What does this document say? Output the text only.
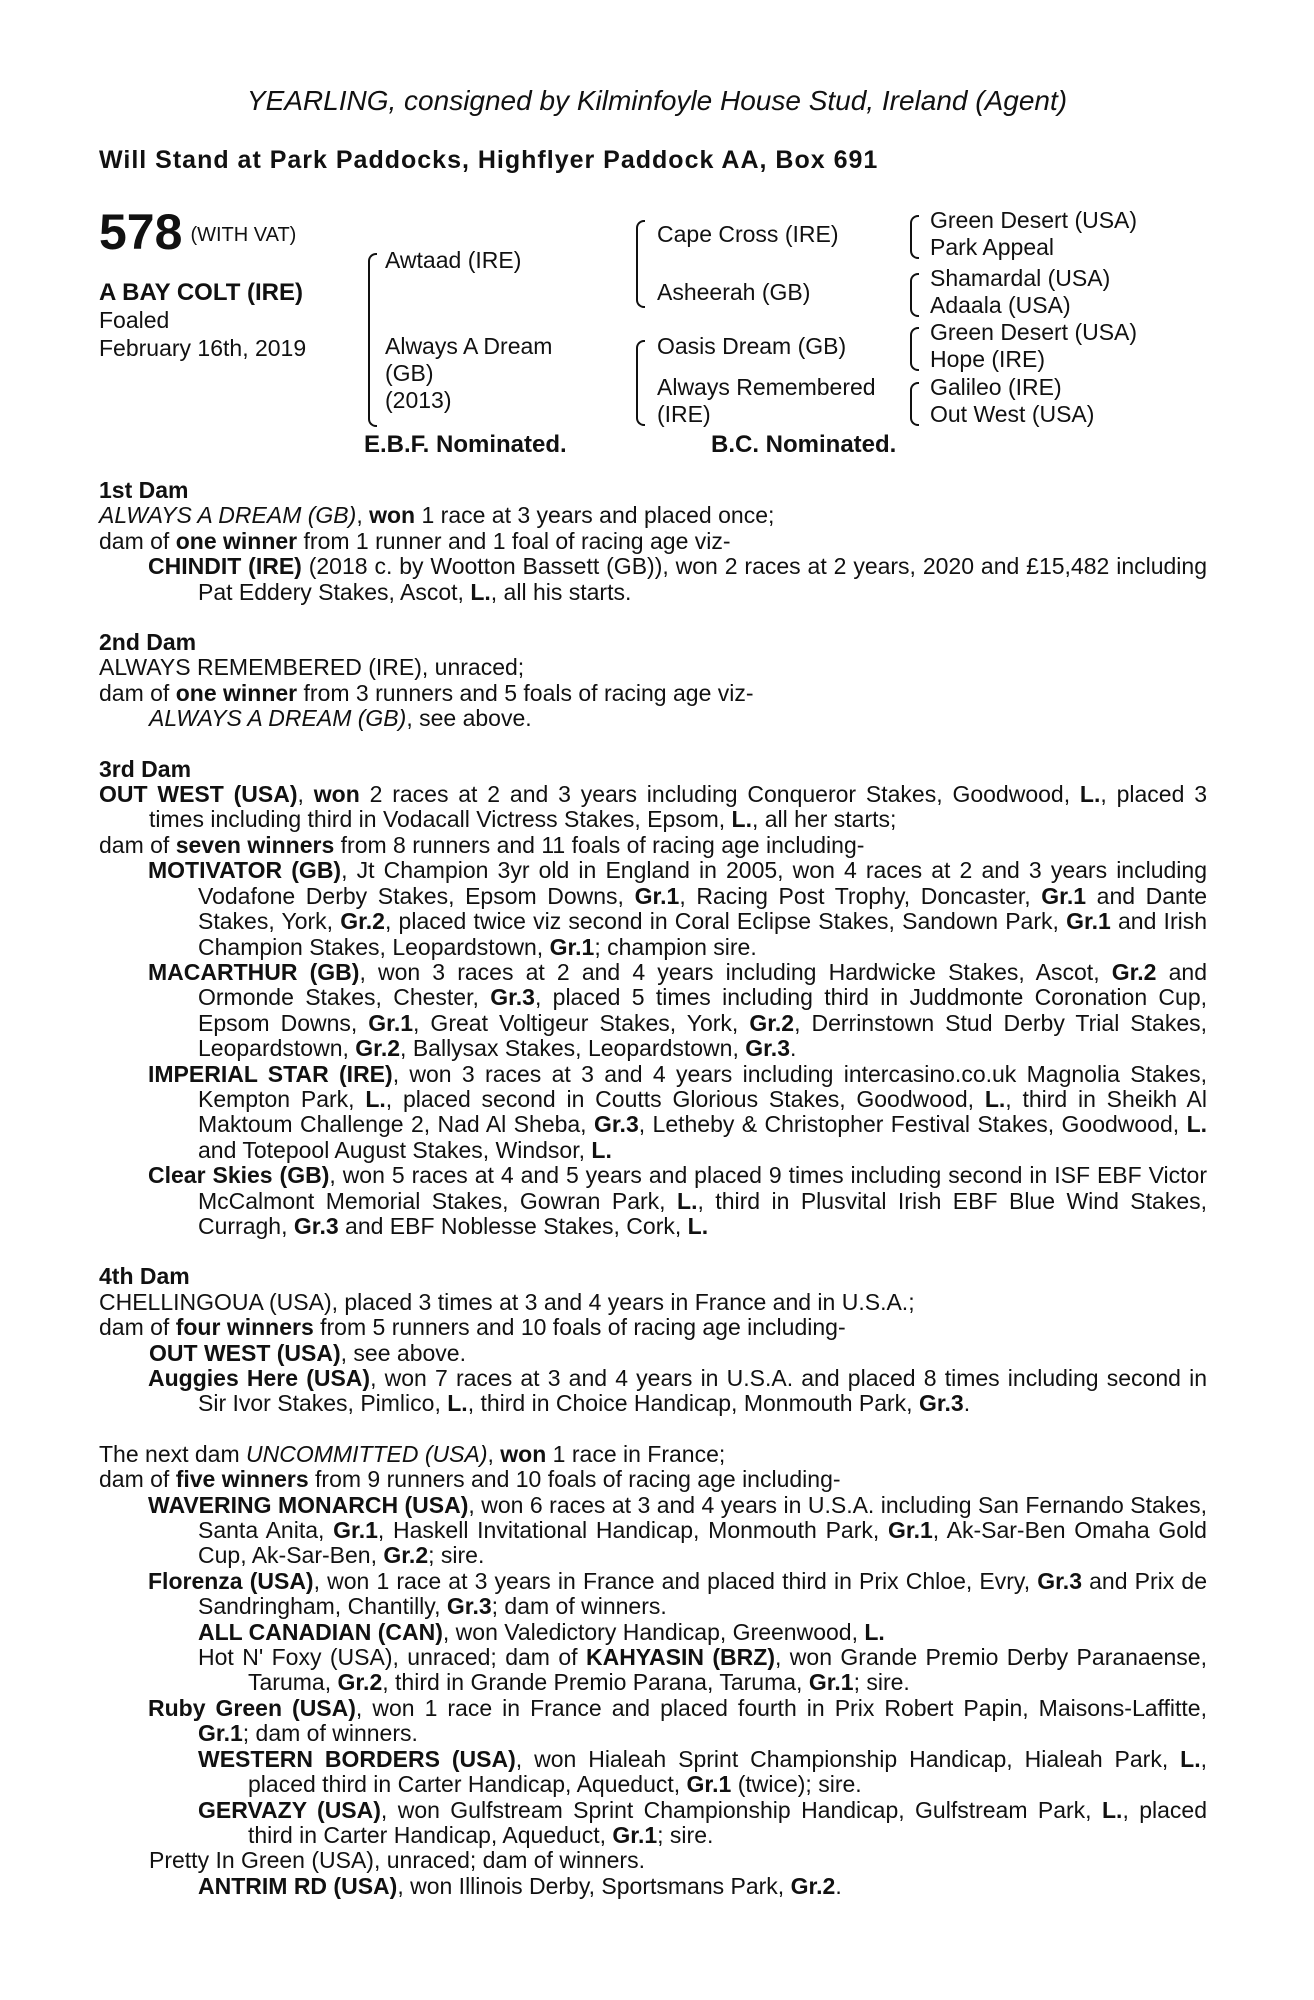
YEARLING, consigned by Kilminfoyle House Stud, Ireland (Agent)
Will Stand at Park Paddocks, Highflyer Paddock AA, Box 691
578 (WITH VAT)
A BAY COLT (IRE)
Foaled
February 16th, 2019
Awtaad (IRE)
Always A Dream
(GB)
(2013)
Cape Cross (IRE)
Asheerah (GB)
Oasis Dream (GB)
Always Remembered
(IRE)
Green Desert (USA)
Park Appeal
Shamardal (USA)
Adaala (USA)
Green Desert (USA)
Hope (IRE)
Galileo (IRE)
Out West (USA)
E.B.F. Nominated.	B.C. Nominated.
1st Dam
ALWAYS A DREAM (GB), won 1 race at 3 years and placed once;
dam of one winner from 1 runner and 1 foal of racing age viz-
CHINDIT (IRE) (2018 c. by Wootton Bassett (GB)), won 2 races at 2 years, 2020 and £15,482 including Pat Eddery Stakes, Ascot, L., all his starts.
2nd Dam
ALWAYS REMEMBERED (IRE), unraced;
dam of one winner from 3 runners and 5 foals of racing age viz-
ALWAYS A DREAM (GB), see above.
3rd Dam
OUT WEST (USA), won 2 races at 2 and 3 years including Conqueror Stakes, Goodwood, L., placed 3 times including third in Vodacall Victress Stakes, Epsom, L., all her starts;
dam of seven winners from 8 runners and 11 foals of racing age including-
MOTIVATOR (GB), Jt Champion 3yr old in England in 2005, won 4 races at 2 and 3 years including Vodafone Derby Stakes, Epsom Downs, Gr.1, Racing Post Trophy, Doncaster, Gr.1 and Dante Stakes, York, Gr.2, placed twice viz second in Coral Eclipse Stakes, Sandown Park, Gr.1 and Irish Champion Stakes, Leopardstown, Gr.1; champion sire.
MACARTHUR (GB), won 3 races at 2 and 4 years including Hardwicke Stakes, Ascot, Gr.2 and Ormonde Stakes, Chester, Gr.3, placed 5 times including third in Juddmonte Coronation Cup, Epsom Downs, Gr.1, Great Voltigeur Stakes, York, Gr.2, Derrinstown Stud Derby Trial Stakes, Leopardstown, Gr.2, Ballysax Stakes, Leopardstown, Gr.3.
IMPERIAL STAR (IRE), won 3 races at 3 and 4 years including intercasino.co.uk Magnolia Stakes, Kempton Park, L., placed second in Coutts Glorious Stakes, Goodwood, L., third in Sheikh Al Maktoum Challenge 2, Nad Al Sheba, Gr.3, Letheby & Christopher Festival Stakes, Goodwood, L. and Totepool August Stakes, Windsor, L.
Clear Skies (GB), won 5 races at 4 and 5 years and placed 9 times including second in ISF EBF Victor McCalmont Memorial Stakes, Gowran Park, L., third in Plusvital Irish EBF Blue Wind Stakes, Curragh, Gr.3 and EBF Noblesse Stakes, Cork, L.
4th Dam
CHELLINGOUA (USA), placed 3 times at 3 and 4 years in France and in U.S.A.;
dam of four winners from 5 runners and 10 foals of racing age including-
OUT WEST (USA), see above.
Auggies Here (USA), won 7 races at 3 and 4 years in U.S.A. and placed 8 times including second in Sir Ivor Stakes, Pimlico, L., third in Choice Handicap, Monmouth Park, Gr.3.
The next dam UNCOMMITTED (USA), won 1 race in France;
dam of five winners from 9 runners and 10 foals of racing age including-
WAVERING MONARCH (USA), won 6 races at 3 and 4 years in U.S.A. including San Fernando Stakes, Santa Anita, Gr.1, Haskell Invitational Handicap, Monmouth Park, Gr.1, Ak-Sar-Ben Omaha Gold Cup, Ak-Sar-Ben, Gr.2; sire.
Florenza (USA), won 1 race at 3 years in France and placed third in Prix Chloe, Evry, Gr.3 and Prix de Sandringham, Chantilly, Gr.3; dam of winners.
ALL CANADIAN (CAN), won Valedictory Handicap, Greenwood, L.
Hot N' Foxy (USA), unraced; dam of KAHYASIN (BRZ), won Grande Premio Derby Paranaense, Taruma, Gr.2, third in Grande Premio Parana, Taruma, Gr.1; sire.
Ruby Green (USA), won 1 race in France and placed fourth in Prix Robert Papin, Maisons-Laffitte, Gr.1; dam of winners.
WESTERN BORDERS (USA), won Hialeah Sprint Championship Handicap, Hialeah Park, L., placed third in Carter Handicap, Aqueduct, Gr.1 (twice); sire.
GERVAZY (USA), won Gulfstream Sprint Championship Handicap, Gulfstream Park, L., placed third in Carter Handicap, Aqueduct, Gr.1; sire.
Pretty In Green (USA), unraced; dam of winners.
ANTRIM RD (USA), won Illinois Derby, Sportsmans Park, Gr.2.
